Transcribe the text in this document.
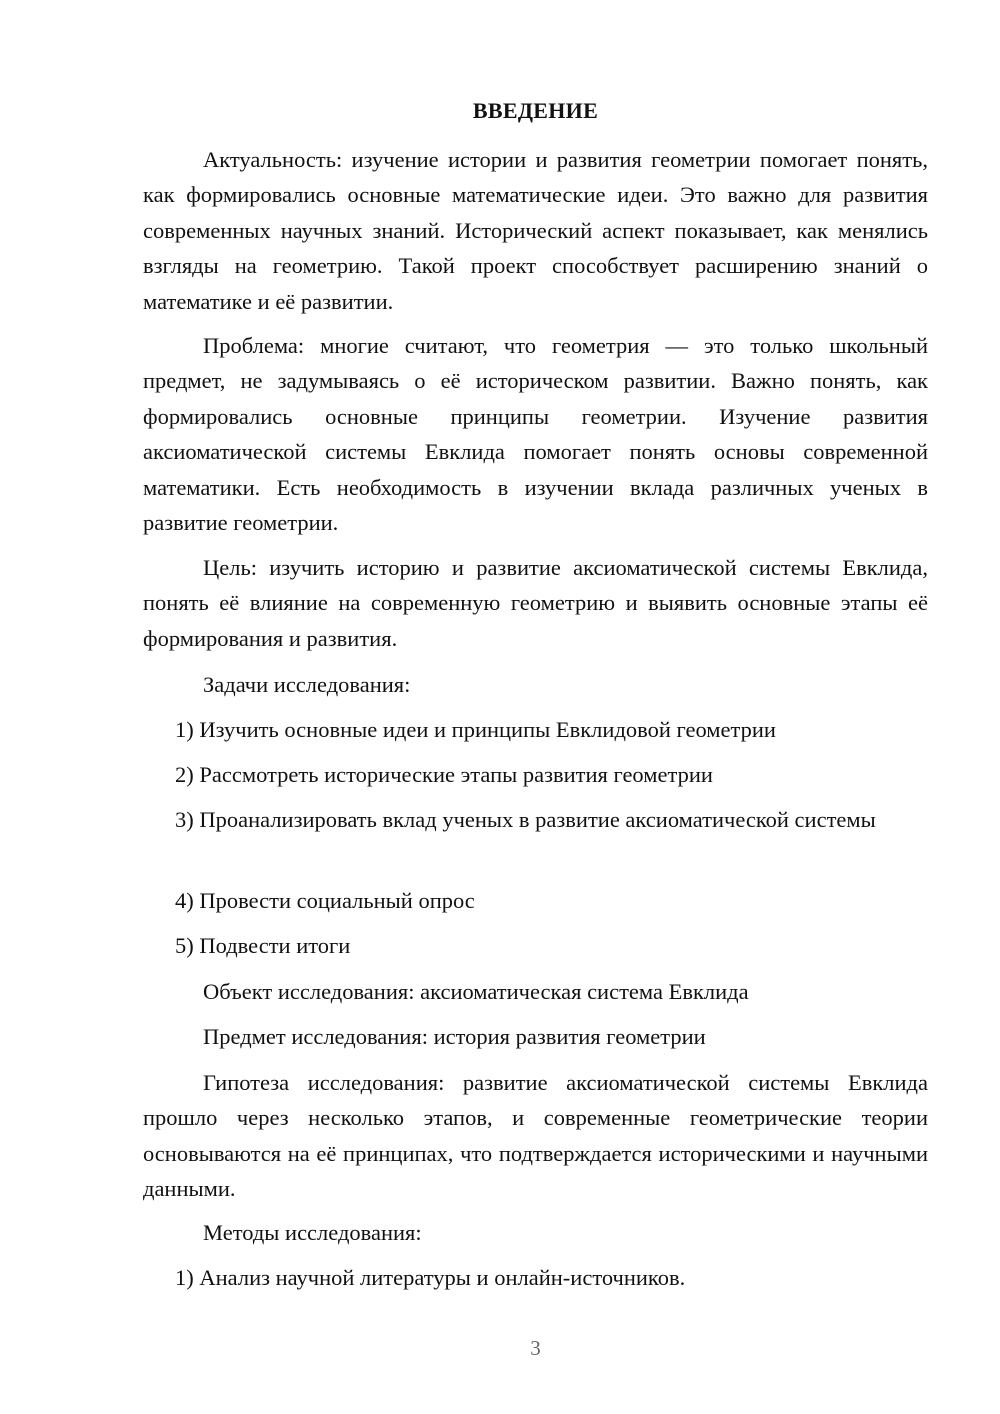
ВВЕДЕНИЕ

Актуальность: изучение истории и развития геометрии помогает понять, как формировались основные математические идеи. Это важно для развития современных научных знаний. Исторический аспект показывает, как менялись взгляды на геометрию. Такой проект способствует расширению знаний о математике и её развитии.

Проблема: многие считают, что геометрия — это только школьный предмет, не задумываясь о её историческом развитии. Важно понять, как формировались основные принципы геометрии. Изучение развития аксиоматической системы Евклида помогает понять основы современной математики. Есть необходимость в изучении вклада различных ученых в развитие геометрии.

Цель: изучить историю и развитие аксиоматической системы Евклида, понять её влияние на современную геометрию и выявить основные этапы её формирования и развития.

Задачи исследования:

1) Изучить основные идеи и принципы Евклидовой геометрии

2) Рассмотреть исторические этапы развития геометрии

3) Проанализировать вклад ученых в развитие аксиоматической системы

4) Провести социальный опрос

5) Подвести итоги

Объект исследования: аксиоматическая система Евклида

Предмет исследования: история развития геометрии

Гипотеза исследования: развитие аксиоматической системы Евклида прошло через несколько этапов, и современные геометрические теории основываются на её принципах, что подтверждается историческими и научными данными.

Методы исследования:

1) Анализ научной литературы и онлайн-источников.

3
